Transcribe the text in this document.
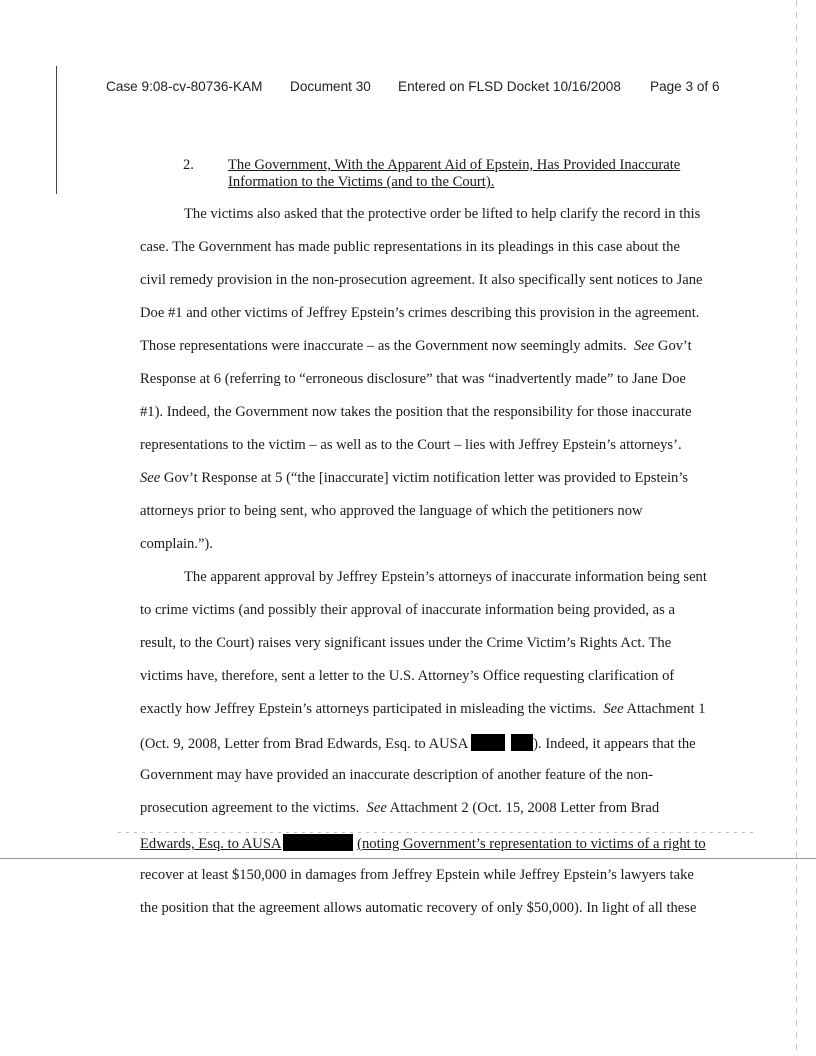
Case 9:08-cv-80736-KAM Document 30 Entered on FLSD Docket 10/16/2008 Page 3 of 6
2. The Government, With the Apparent Aid of Epstein, Has Provided Inaccurate Information to the Victims (and to the Court).
The victims also asked that the protective order be lifted to help clarify the record in this
case. The Government has made public representations in its pleadings in this case about the
civil remedy provision in the non-prosecution agreement. It also specifically sent notices to Jane
Doe #1 and other victims of Jeffrey Epstein’s crimes describing this provision in the agreement.
Those representations were inaccurate – as the Government now seemingly admits. See Gov’t
Response at 6 (referring to “erroneous disclosure” that was “inadvertently made” to Jane Doe
#1). Indeed, the Government now takes the position that the responsibility for those inaccurate
representations to the victim – as well as to the Court – lies with Jeffrey Epstein’s attorneys’.
See Gov’t Response at 5 (“the [inaccurate] victim notification letter was provided to Epstein’s
attorneys prior to being sent, who approved the language of which the petitioners now
complain.”).
The apparent approval by Jeffrey Epstein’s attorneys of inaccurate information being sent
to crime victims (and possibly their approval of inaccurate information being provided, as a
result, to the Court) raises very significant issues under the Crime Victim’s Rights Act. The
victims have, therefore, sent a letter to the U.S. Attorney’s Office requesting clarification of
exactly how Jeffrey Epstein’s attorneys participated in misleading the victims. See Attachment 1
(Oct. 9, 2008, Letter from Brad Edwards, Esq. to AUSA	). Indeed, it appears that the
Government may have provided an inaccurate description of another feature of the non-
prosecution agreement to the victims. See Attachment 2 (Oct. 15, 2008 Letter from Brad
Edwards, Esq. to AUSA	(noting Government’s representation to victims of a right to
recover at least $150,000 in damages from Jeffrey Epstein while Jeffrey Epstein’s lawyers take
the position that the agreement allows automatic recovery of only $50,000). In light of all these
